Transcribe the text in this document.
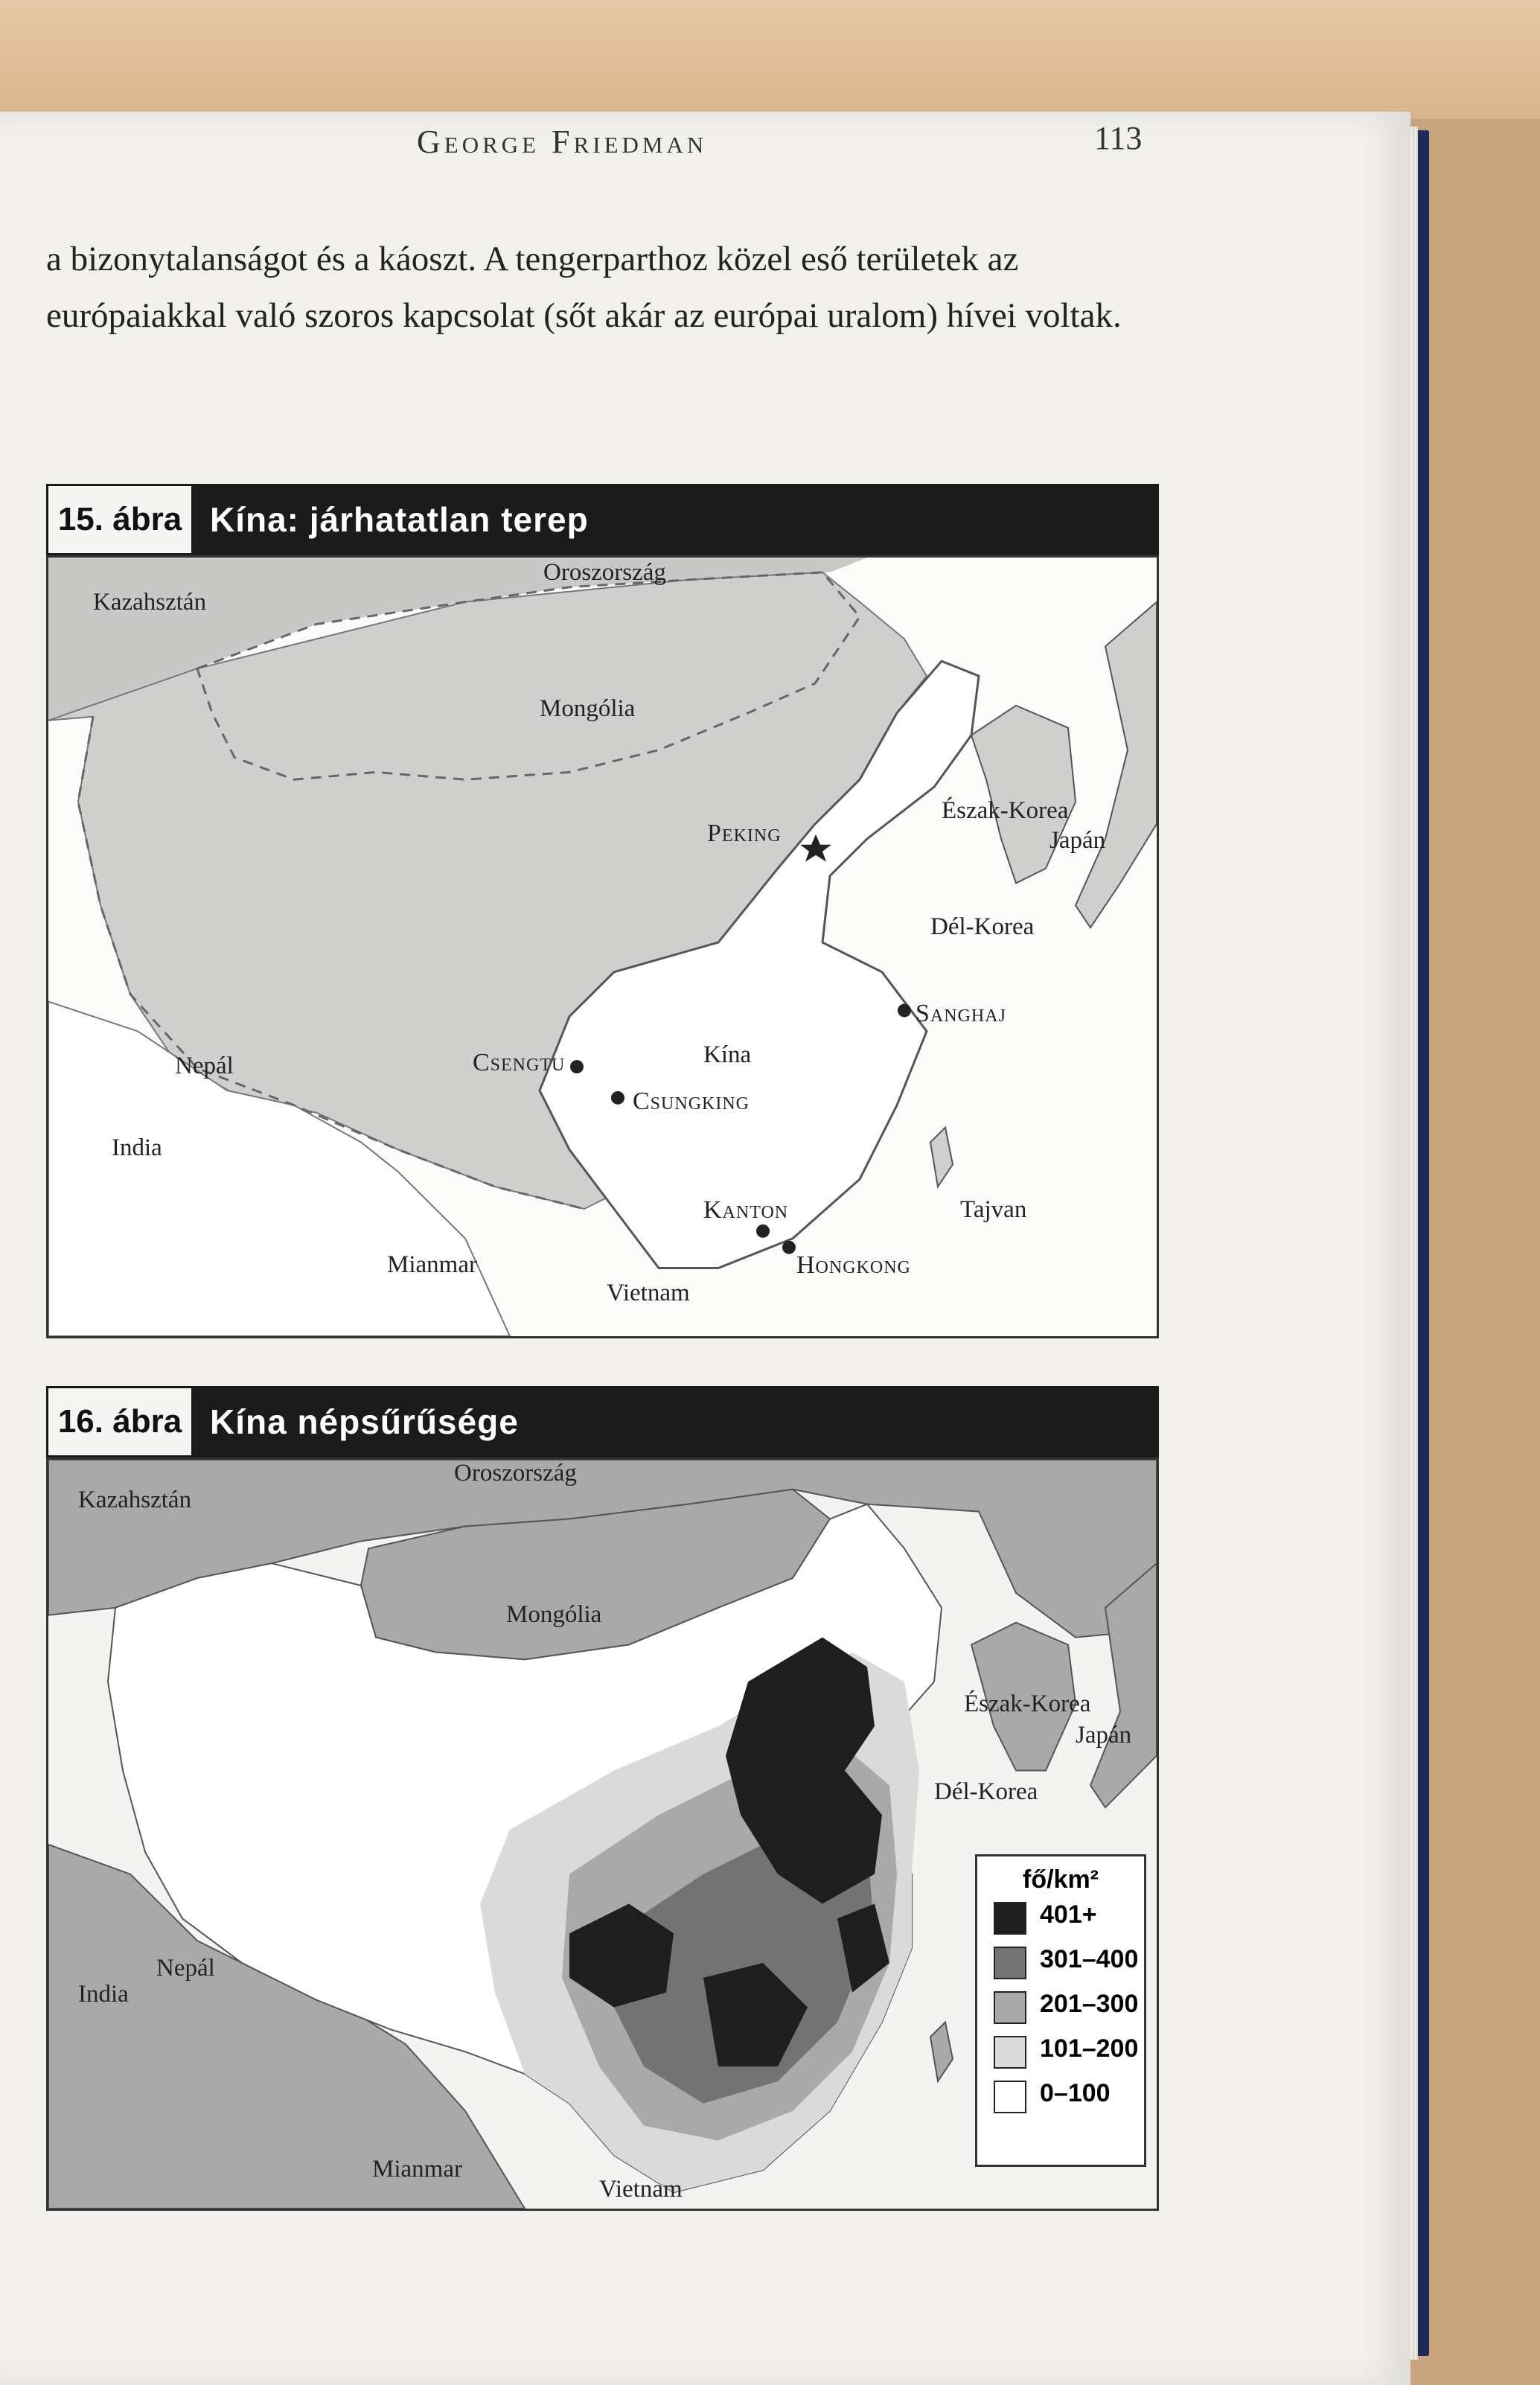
George Friedman	113

a bizonytalanságot és a káoszt. A tengerparthoz közel eső területek az európaiakkal való szoros kapcsolat (sőt akár az európai uralom) hívei voltak.

15. ábra Kína: járhatatlan terep
Kazahsztán
Oroszország
Mongólia
Észak-Korea
Japán
Dél-Korea
Nepál
India
Kína
Mianmar
Vietnam
Tajvan
Peking
Sanghaj
Csengtu
Csungking
Kanton
Hongkong
16. ábra Kína népsűrűsége
Kazahsztán
Oroszország
Mongólia
Észak-Korea
Japán
Dél-Korea
Nepál
India
Mianmar
Vietnam
fő/km²
401+
301–400
201–300
101–200
0–100
